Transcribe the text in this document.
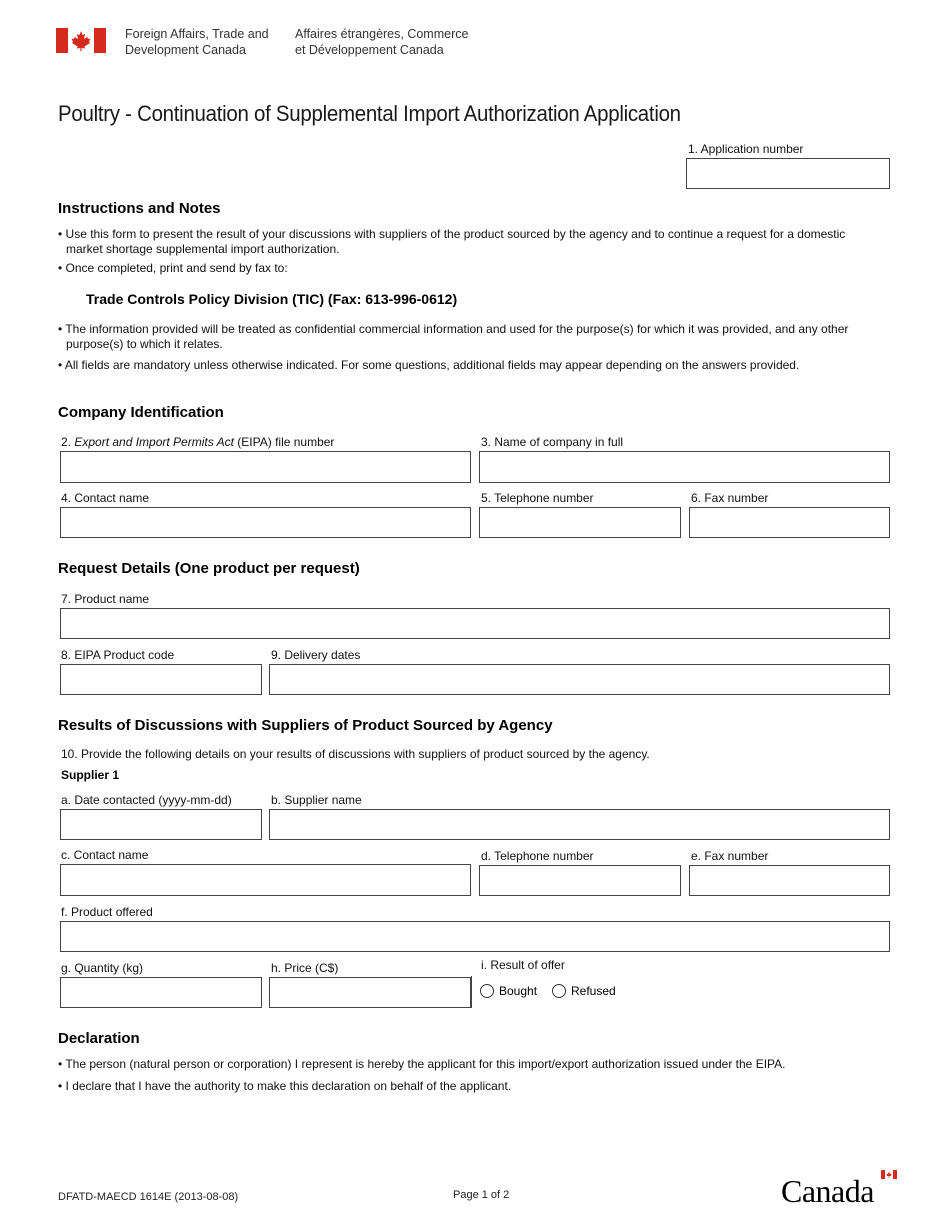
Foreign Affairs, Trade and
Development Canada
Affaires étrangères, Commerce
et Développement Canada
Poultry - Continuation of Supplemental Import Authorization Application
1. Application number
Instructions and Notes
• Use this form to present the result of your discussions with suppliers of the product sourced by the agency and to continue a request for a domestic
market shortage supplemental import authorization.
• Once completed, print and send by fax to:
Trade Controls Policy Division (TIC) (Fax: 613-996-0612)
• The information provided will be treated as confidential commercial information and used for the purpose(s) for which it was provided, and any other
purpose(s) to which it relates.
• All fields are mandatory unless otherwise indicated. For some questions, additional fields may appear depending on the answers provided.
Company Identification
2. Export and Import Permits Act (EIPA) file number	3. Name of company in full
4. Contact name	5. Telephone number	6. Fax number
Request Details (One product per request)
7. Product name
8. EIPA Product code	9. Delivery dates
Results of Discussions with Suppliers of Product Sourced by Agency
10. Provide the following details on your results of discussions with suppliers of product sourced by the agency.
Supplier 1
a. Date contacted (yyyy-mm-dd)	b. Supplier name
c. Contact name	d. Telephone number	e. Fax number
f. Product offered
g. Quantity (kg)	h. Price (C$)	i. Result of offer
Bought	Refused
Declaration
• The person (natural person or corporation) I represent is hereby the applicant for this import/export authorization issued under the EIPA.
• I declare that I have the authority to make this declaration on behalf of the applicant.
DFATD-MAECD 1614E (2013-08-08)	Page 1 of 2	Canada
